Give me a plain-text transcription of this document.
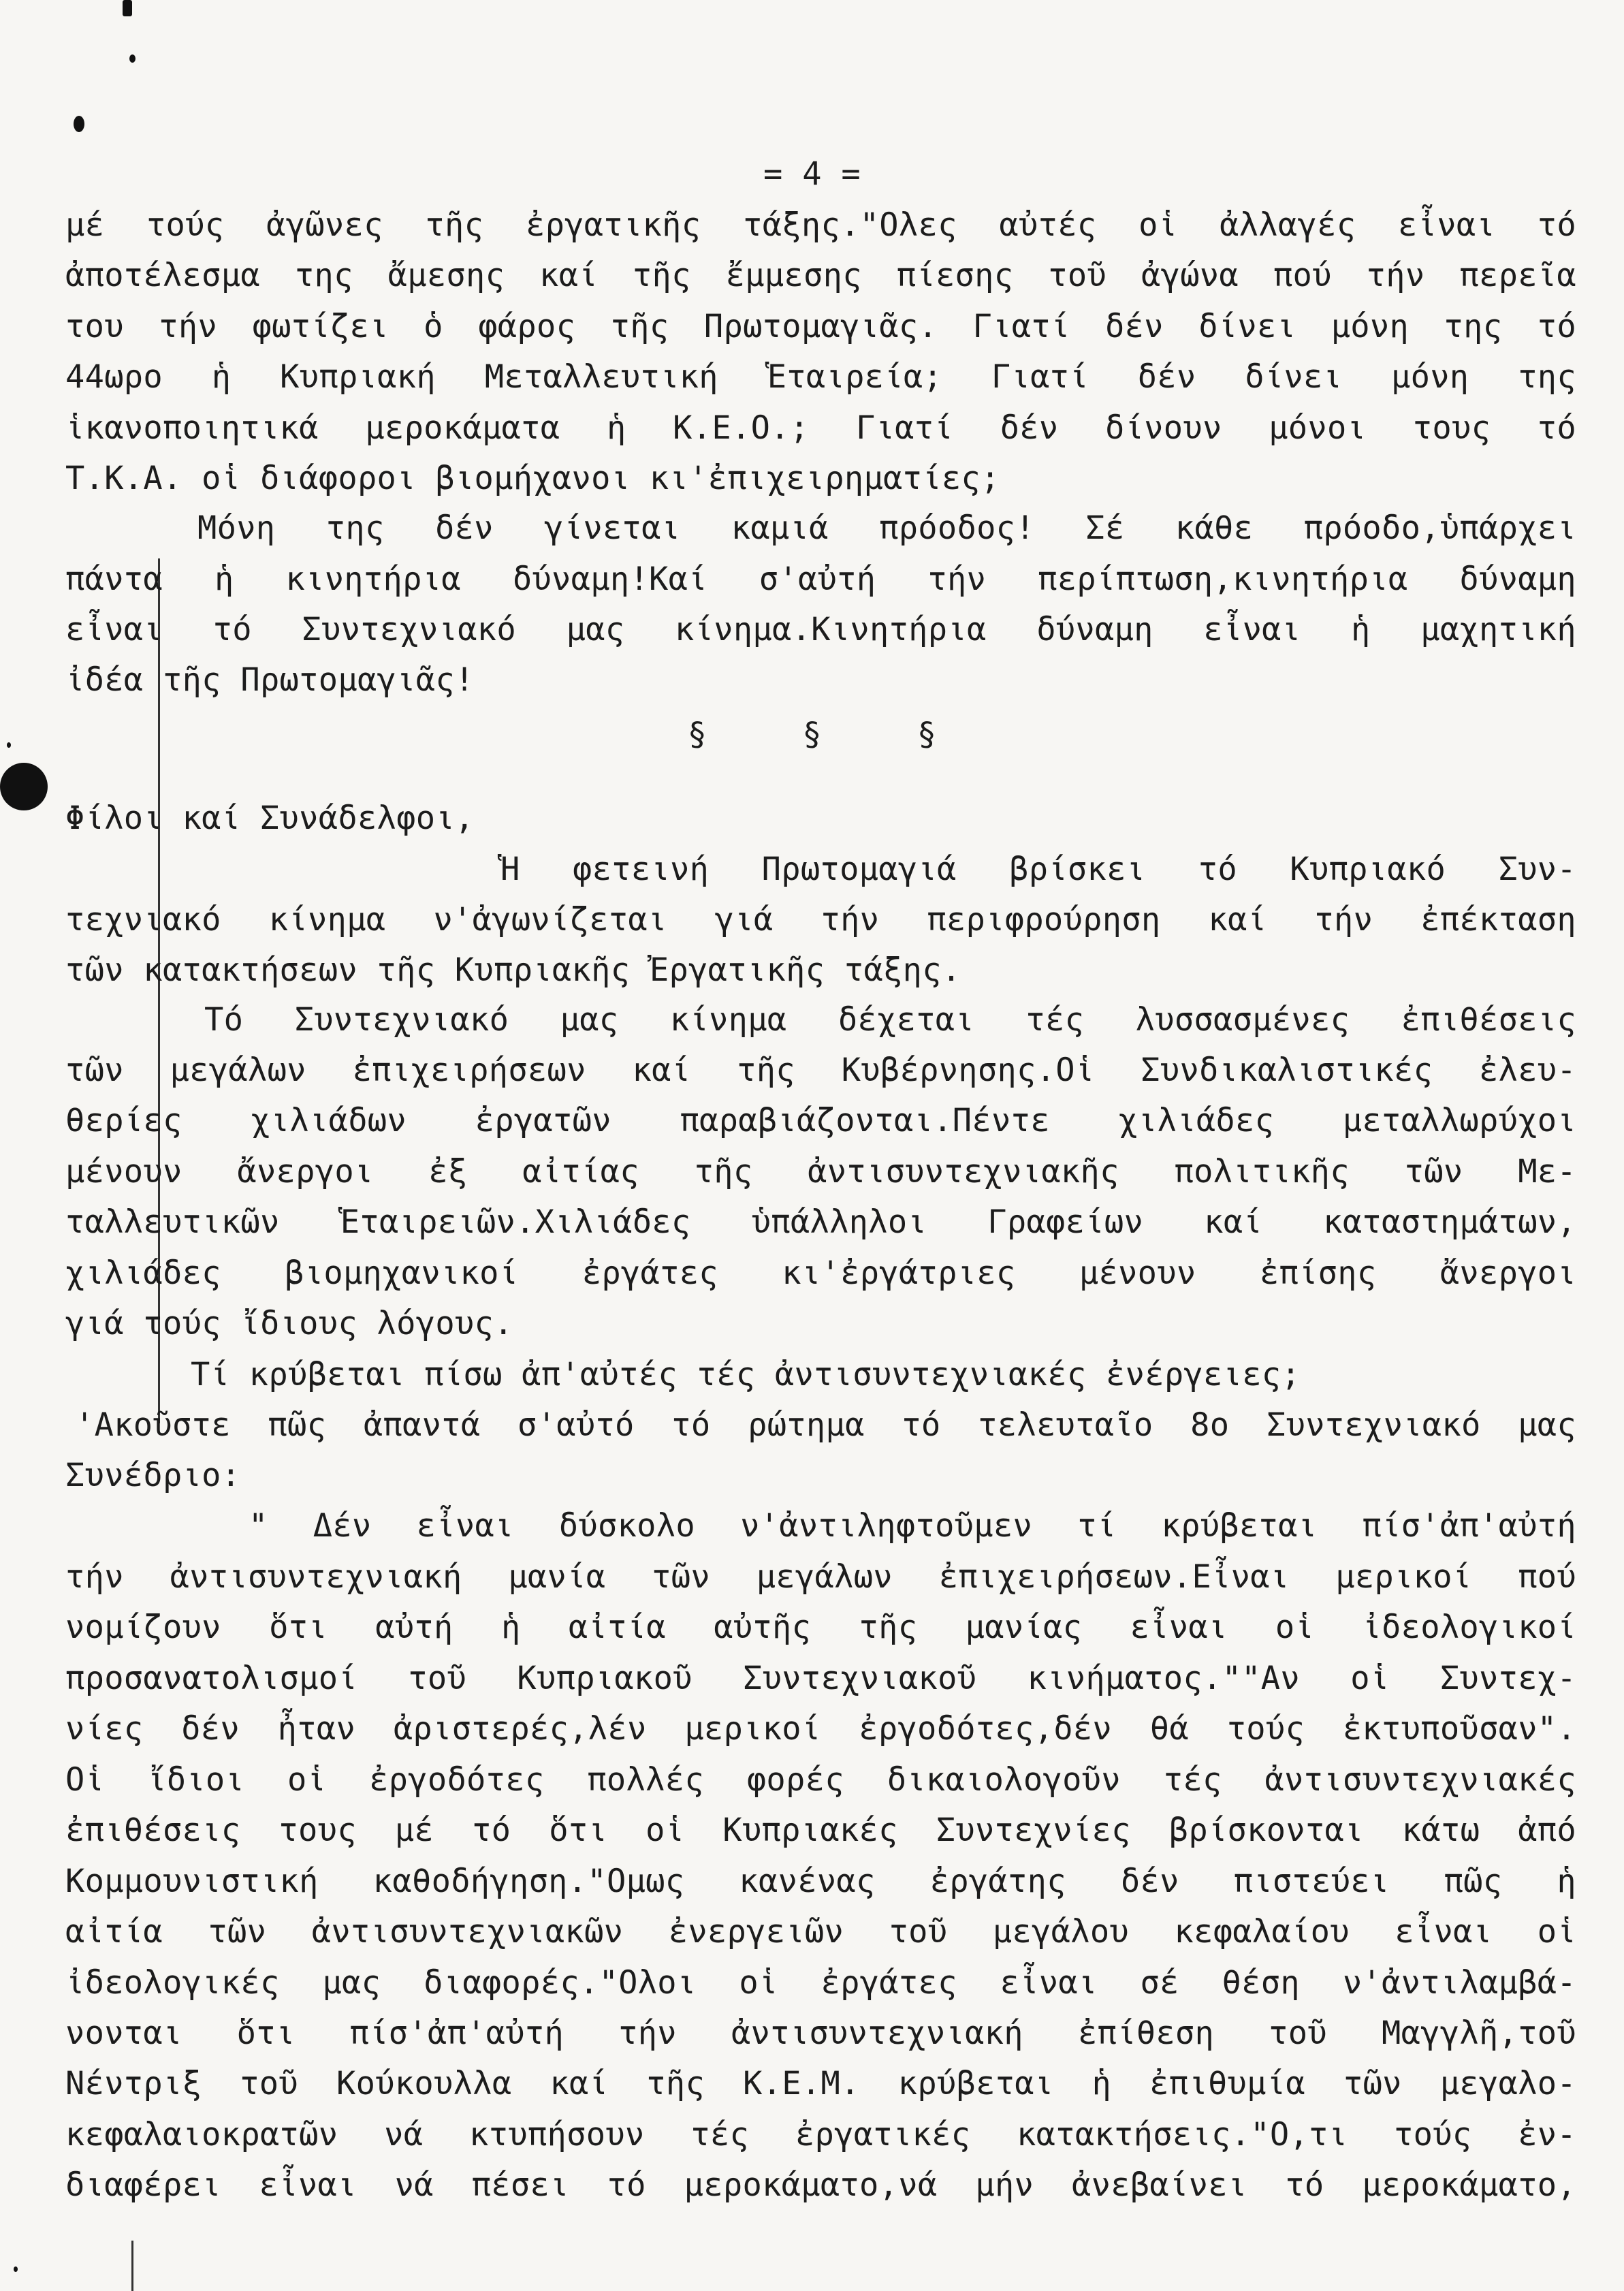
= 4 =
μέ τούς ἀγῶνες τῆς ἐργατικῆς τάξης."Ολες αὐτές οἱ ἀλλαγές εἶναι τό
ἀποτέλεσμα της ἄμεσης καί τῆς ἔμμεσης πίεσης τοῦ ἀγώνα πού τήν περεῖα
του τήν φωτίζει ὁ φάρος τῆς Πρωτομαγιᾶς. Γιατί δέν δίνει μόνη της τό
44ωρο ἡ Κυπριακή Μεταλλευτική Ἑταιρεία; Γιατί δέν δίνει μόνη της
ἱκανοποιητικά μεροκάματα ἡ Κ.Ε.Ο.; Γιατί δέν δίνουν μόνοι τους τό
Τ.Κ.Α. οἱ διάφοροι βιομήχανοι κι'ἐπιχειρηματίες;
Μόνη της δέν γίνεται καμιά πρόοδος! Σέ κάθε πρόοδο,ὑπάρχει
πάντα ἡ κινητήρια δύναμη!Καί σ'αὐτή τήν περίπτωση,κινητήρια δύναμη
εἶναι τό Συντεχνιακό μας κίνημα.Κινητήρια δύναμη εἶναι ἡ μαχητική
ἰδέα τῆς Πρωτομαγιᾶς!
§	§	§
Φίλοι καί Συνάδελφοι,
Ἡ φετεινή Πρωτομαγιά βρίσκει τό Κυπριακό Συν-
τεχνιακό κίνημα ν'ἀγωνίζεται γιά τήν περιφρούρηση καί τήν ἐπέκταση
τῶν κατακτήσεων τῆς Κυπριακῆς Ἐργατικῆς τάξης.
Τό Συντεχνιακό μας κίνημα δέχεται τές λυσσασμένες ἐπιθέσεις
τῶν μεγάλων ἐπιχειρήσεων καί τῆς Κυβέρνησης.Οἱ Συνδικαλιστικές ἐλευ-
θερίες χιλιάδων ἐργατῶν παραβιάζονται.Πέντε χιλιάδες μεταλλωρύχοι
μένουν ἄνεργοι ἐξ αἰτίας τῆς ἀντισυντεχνιακῆς πολιτικῆς τῶν Με-
ταλλευτικῶν Ἑταιρειῶν.Χιλιάδες ὑπάλληλοι Γραφείων καί καταστημάτων,
χιλιάδες βιομηχανικοί ἐργάτες κι'ἐργάτριες μένουν ἐπίσης ἄνεργοι
γιά τούς ἴδιους λόγους.
Τί κρύβεται πίσω ἀπ'αὐτές τές ἀντισυντεχνιακές ἐνέργειες;
'Ακοῦστε πῶς ἀπαντά σ'αὐτό τό ρώτημα τό τελευταῖο 8ο Συντεχνιακό μας
Συνέδριο:
" Δέν εἶναι δύσκολο ν'ἀντιληφτοῦμεν τί κρύβεται πίσ'ἀπ'αὐτή
τήν ἀντισυντεχνιακή μανία τῶν μεγάλων ἐπιχειρήσεων.Εἶναι μερικοί πού
νομίζουν ὅτι αὐτή ἡ αἰτία αὐτῆς τῆς μανίας εἶναι οἱ ἰδεολογικοί
προσανατολισμοί τοῦ Κυπριακοῦ Συντεχνιακοῦ κινήματος.""Αν οἱ Συντεχ-
νίες δέν ἦταν ἀριστερές,λέν μερικοί ἐργοδότες,δέν θά τούς ἐκτυποῦσαν".
Οἱ ἴδιοι οἱ ἐργοδότες πολλές φορές δικαιολογοῦν τές ἀντισυντεχνιακές
ἐπιθέσεις τους μέ τό ὅτι οἱ Κυπριακές Συντεχνίες βρίσκονται κάτω ἀπό
Κομμουνιστική καθοδήγηση."Ομως κανένας ἐργάτης δέν πιστεύει πῶς ἡ
αἰτία τῶν ἀντισυντεχνιακῶν ἐνεργειῶν τοῦ μεγάλου κεφαλαίου εἶναι οἱ
ἰδεολογικές μας διαφορές."Ολοι οἱ ἐργάτες εἶναι σέ θέση ν'ἀντιλαμβά-
νονται ὅτι πίσ'ἀπ'αὐτή τήν ἀντισυντεχνιακή ἐπίθεση τοῦ Μαγγλῆ,τοῦ
Νέντριξ τοῦ Κούκουλλα καί τῆς Κ.Ε.Μ. κρύβεται ἡ ἐπιθυμία τῶν μεγαλο-
κεφαλαιοκρατῶν νά κτυπήσουν τές ἐργατικές κατακτήσεις."Ο,τι τούς ἐν-
διαφέρει εἶναι νά πέσει τό μεροκάματο,νά μήν ἀνεβαίνει τό μεροκάματο,
